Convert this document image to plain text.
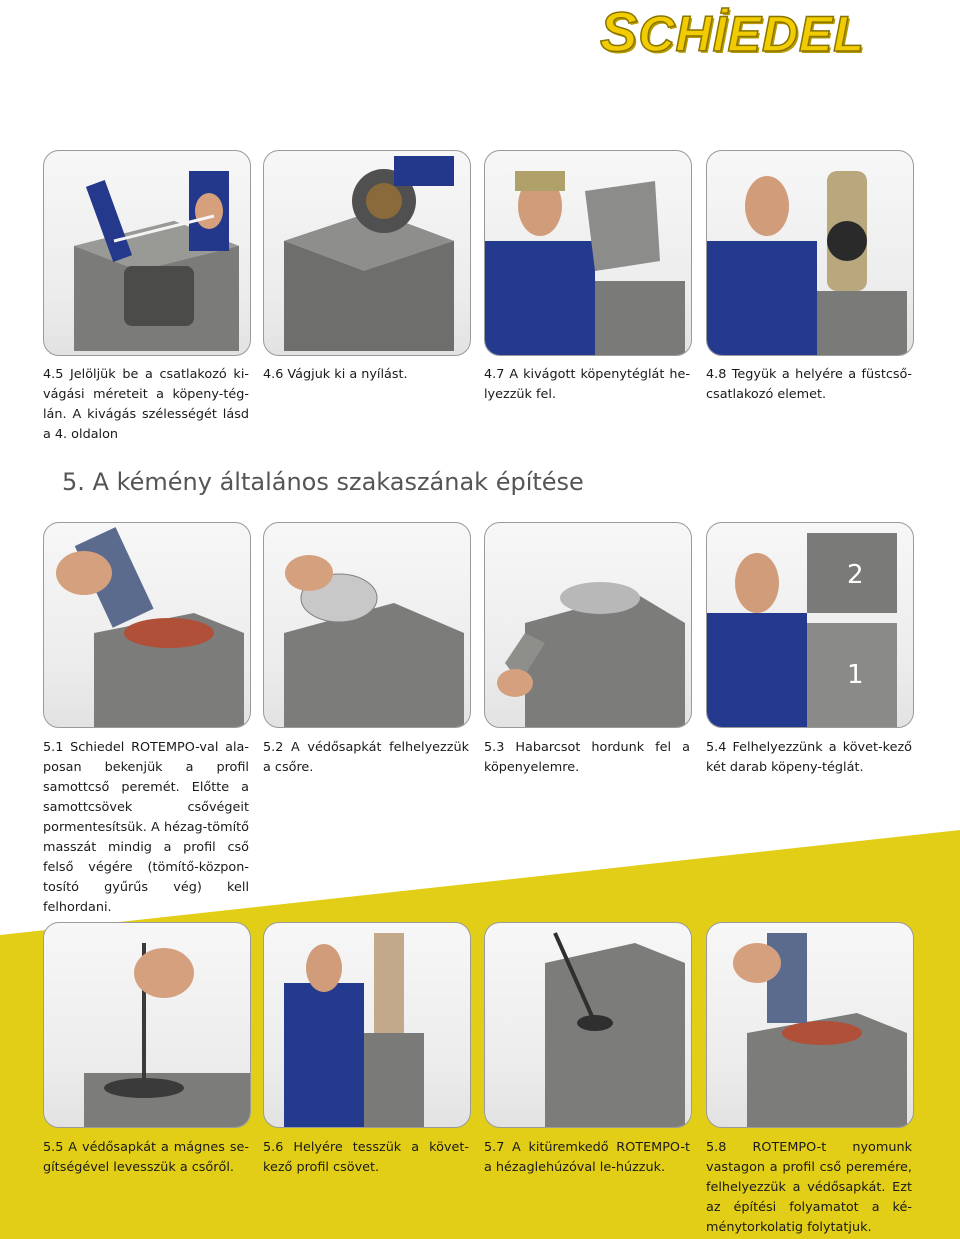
SCHİEDEL

4.5 Jelöljük be a csatlakozó kivágási méreteit a köpeny-téglán. A kivágás szélességét lásd a 4. oldalon

4.6 Vágjuk ki a nyílást.	4.7 A kivágott köpenytéglát helyezzük fel.

4.8 Tegyük a helyére a füstcső-csatlakozó elemet.

5. A kémény általános szakaszának építése
2
1

5.1 Schiedel ROTEMPO-val alaposan bekenjük a profil samottcső peremét. Előtte a samottcsövek csővégeit pormentesítsük. A hézag-tömítő masszát mindig a profil cső felső végére (tömítő-központosító gyűrűs vég) kell felhordani.

5.2 A védősapkát felhelyezzük a csőre.

5.3 Habarcsot hordunk fel a köpenyelemre.

5.4 Felhelyezzünk a követ-kező két darab köpeny-téglát.

5.5 A védősapkát a mágnes segítségével levesszük a csőről.

5.6 Helyére tesszük a következő profil csövet.

5.7 A kitüremkedő ROTEMPO-t a hézaglehúzóval le-húzzuk.

5.8 ROTEMPO-t nyomunk vastagon a profil cső peremére, felhelyezzük a védősapkát. Ezt az építési folyamatot a kéménytorkolatig folytatjuk.
